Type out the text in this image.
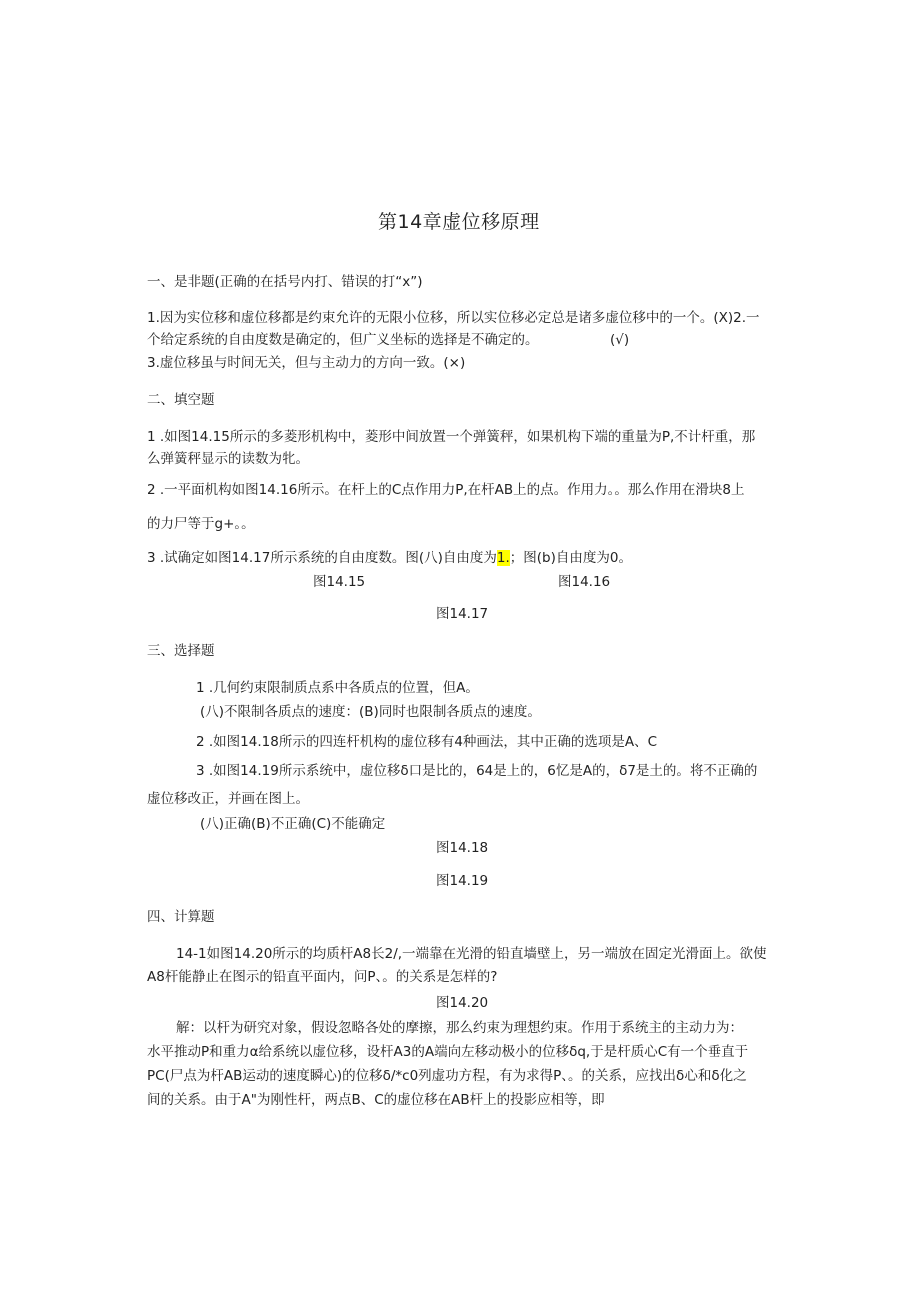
第14章虚位移原理
一、是非题(正确的在括号内打、错误的打“x”)
1.因为实位移和虚位移都是约束允许的无限小位移，所以实位移必定总是诸多虚位移中的一个。(X)2.一
个给定系统的自由度数是确定的，但广义坐标的选择是不确定的。	(√)
3.虚位移虽与时间无关，但与主动力的方向一致。(×)
二、填空题
1 .如图14.15所示的多菱形机构中，菱形中间放置一个弹簧秤，如果机构下端的重量为P,不计杆重，那
么弹簧秤显示的读数为牝。
2 .一平面机构如图14.16所示。在杆上的C点作用力P,在杆AB上的点。作用力。。那么作用在滑块8上
的力尸等于g+。。
3 .试确定如图14.17所示系统的自由度数。图(八)自由度为1.；图(b)自由度为0。
图14.15	图14.16
图14.17
三、选择题
1 .几何约束限制质点系中各质点的位置，但A。
(八)不限制各质点的速度：(B)同时也限制各质点的速度。
2 .如图14.18所示的四连杆机构的虚位移有4种画法，其中正确的选项是A、C
3 .如图14.19所示系统中，虚位移δ口是比的，64是上的，6忆是A的，δ7是土的。将不正确的
虚位移改正，并画在图上。
(八)正确(B)不正确(C)不能确定
图14.18
图14.19
四、计算题
14-1如图14.20所示的均质杆A8长2/,一端靠在光滑的铅直墙壁上，另一端放在固定光滑面上。欲使
A8杆能静止在图示的铅直平面内，问P、。的关系是怎样的?
图14.20
解：以杆为研究对象，假设忽略各处的摩擦，那么约束为理想约束。作用于系统主的主动力为：
水平推动P和重力α给系统以虚位移，设杆A3的A端向左移动极小的位移δq,于是杆质心C有一个垂直于
PC(尸点为杆AB运动的速度瞬心)的位移δ/*c0列虚功方程，有为求得P、。的关系，应找出δ心和δ化之
间的关系。由于A"为刚性杆，两点B、C的虚位移在AB杆上的投影应相等，即
